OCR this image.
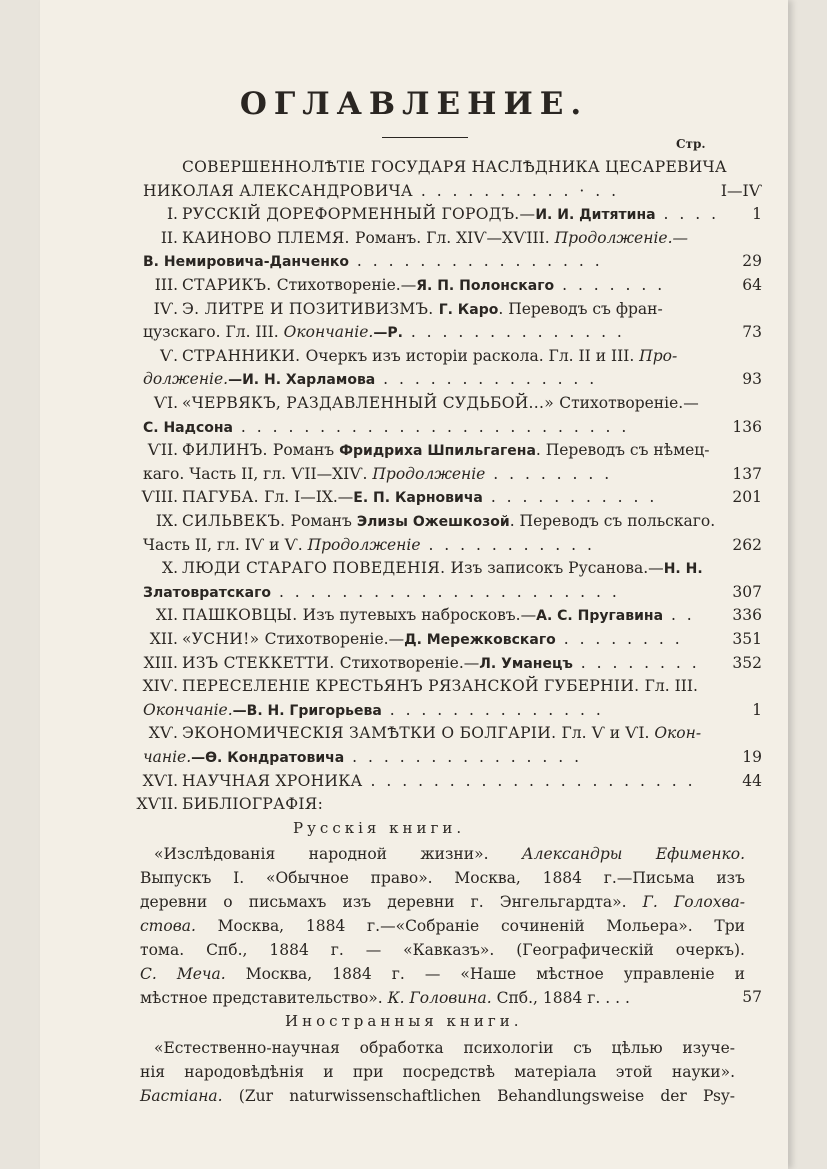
ОГЛАВЛЕНИЕ.
Стр.
СОВЕРШЕННОЛѢТІЕ ГОСУДАРЯ НАСЛѢДНИКА ЦЕСАРЕВИЧА
НИКОЛАЯ АЛЕКСАНДРОВИЧА . . . . . . . . . . · . .	I—IѴ
I. РУССКІЙ ДОРЕФОРМЕННЫЙ ГОРОДЪ.—И. И. Дитятина . . . . 1
II. КАИНОВО ПЛЕМЯ. Романъ. Гл. XIѴ—XѴIII. Продолженіе.—
В. Немировича-Данченко . . . . . . . . . . . . . . . .	29
III. СТАРИКЪ. Стихотвореніе.—Я. П. Полонскаго . . . . . . .	64
IѴ. Э. ЛИТРЕ И ПОЗИТИВИЗМЪ. Г. Каро. Переводъ съ фран-
цузскаго. Гл. III. Окончаніе.—Р. . . . . . . . . . . . . . .	73
Ѵ. СТРАННИКИ. Очеркъ изъ исторіи раскола. Гл. II и III. Про-
долженіе.—И. Н. Харламова . . . . . . . . . . . . . .	93
ѴI. «ЧЕРВЯКЪ, РАЗДАВЛЕННЫЙ СУДЬБОЙ...» Стихотвореніе.—
С. Надсона . . . . . . . . . . . . . . . . . . . . . . . . .	136
ѴII. ФИЛИНЪ. Романъ Фридриха Шпильгагена. Переводъ съ нѣмец-
каго. Часть II, гл. ѴII—XIѴ. Продолженіе . . . . . . . .	137
ѴIII. ПАГУБА. Гл. I—IX.—Е. П. Карновича . . . . . . . . . . .	201
IX. СИЛЬВЕКЪ. Романъ Элизы Ожешкозой. Переводъ съ польскаго.
Часть II, гл. IѴ и Ѵ. Продолженіе . . . . . . . . . . .	262
X. ЛЮДИ СТАРАГО ПОВЕДЕНІЯ. Изъ записокъ Русанова.—Н. Н.
Златовратскаго . . . . . . . . . . . . . . . . . . . . . .	307
XI. ПАШКОВЦЫ. Изъ путевыхъ набросковъ.—А. С. Пругавина . . 336
XII. «УСНИ!» Стихотвореніе.—Д. Мережковскаго . . . . . . . .	351
XIII. ИЗЪ СТЕККЕТТИ. Стихотвореніе.—Л. Уманецъ . . . . . . . . 352
XIѴ. ПЕРЕСЕЛЕНІЕ КРЕСТЬЯНЪ РЯЗАНСКОЙ ГУБЕРНІИ. Гл. III.
Окончаніе.—В. Н. Григорьева . . . . . . . . . . . . . .	1
XѴ. ЭКОНОМИЧЕСКІЯ ЗАМѢТКИ О БОЛГАРІИ. Гл. Ѵ и ѴI. Окон-
чаніе.—Ѳ. Кондратовича . . . . . . . . . . . . . . .	19
XѴI. НАУЧНАЯ ХРОНИКА . . . . . . . . . . . . . . . . . . . . .	44
XѴII. БИБЛІОГРАФІЯ:
Русскія книги.
«Изслѣдованія народной жизни». Александры Ефименко.
Выпускъ I. «Обычное право». Москва, 1884 г.—Письма изъ
деревни о письмахъ изъ деревни г. Энгельгардта». Г. Голохва-
стова. Москва, 1884 г.—«Собраніе сочиненій Мольера». Три
тома. Спб., 1884 г. — «Кавказъ». (Географическій очеркъ).
С. Меча. Москва, 1884 г. — «Наше мѣстное управленіе и
мѣстное представительство». К. Головина. Спб., 1884 г. . . .	57
Иностранныя книги.
«Естественно-научная обработка психологіи съ цѣлью изуче-
нія народовѣдѣнія и при посредствѣ матеріала этой науки».
Бастіана. (Zur naturwissenschaftlichen Behandlungsweise der Psy-
